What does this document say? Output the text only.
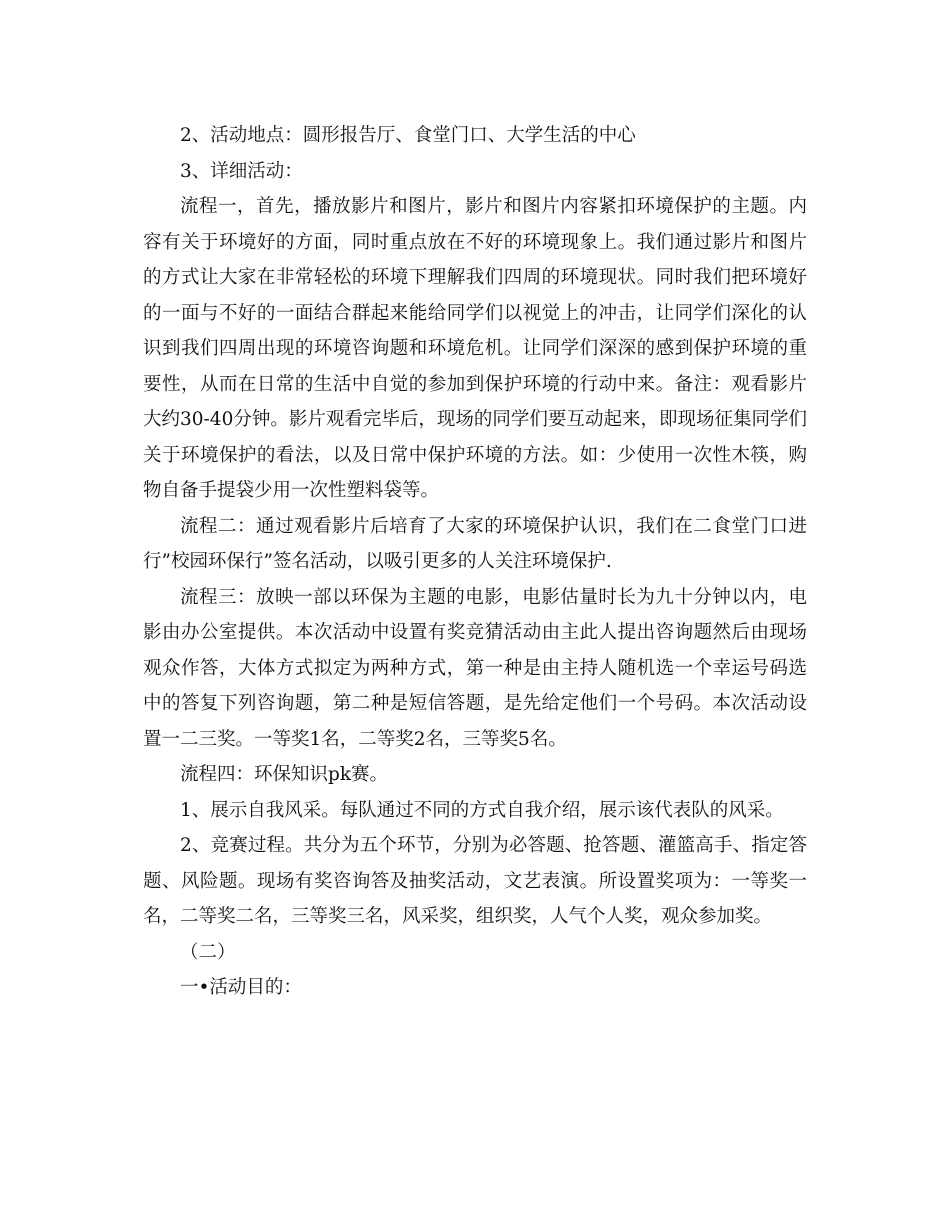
2、活动地点：圆形报告厅、食堂门口、大学生活的中心

3、详细活动：

流程一，首先，播放影片和图片，影片和图片内容紧扣环境保护的主题。内容有关于环境好的方面，同时重点放在不好的环境现象上。我们通过影片和图片的方式让大家在非常轻松的环境下理解我们四周的环境现状。同时我们把环境好的一面与不好的一面结合群起来能给同学们以视觉上的冲击，让同学们深化的认识到我们四周出现的环境咨询题和环境危机。让同学们深深的感到保护环境的重要性，从而在日常的生活中自觉的参加到保护环境的行动中来。备注：观看影片大约30-40分钟。影片观看完毕后，现场的同学们要互动起来，即现场征集同学们关于环境保护的看法，以及日常中保护环境的方法。如：少使用一次性木筷，购物自备手提袋少用一次性塑料袋等。

流程二：通过观看影片后培育了大家的环境保护认识，我们在二食堂门口进行”校园环保行”签名活动，以吸引更多的人关注环境保护.

流程三：放映一部以环保为主题的电影，电影估量时长为九十分钟以内，电影由办公室提供。本次活动中设置有奖竞猜活动由主此人提出咨询题然后由现场观众作答，大体方式拟定为两种方式，第一种是由主持人随机选一个幸运号码选中的答复下列咨询题，第二种是短信答题，是先给定他们一个号码。本次活动设置一二三奖。一等奖1名，二等奖2名，三等奖5名。

流程四：环保知识pk赛。

1、展示自我风采。每队通过不同的方式自我介绍，展示该代表队的风采。

2、竞赛过程。共分为五个环节，分别为必答题、抢答题、灌篮高手、指定答题、风险题。现场有奖咨询答及抽奖活动，文艺表演。所设置奖项为：一等奖一名，二等奖二名，三等奖三名，风采奖，组织奖，人气个人奖，观众参加奖。

（二）

一•活动目的：
